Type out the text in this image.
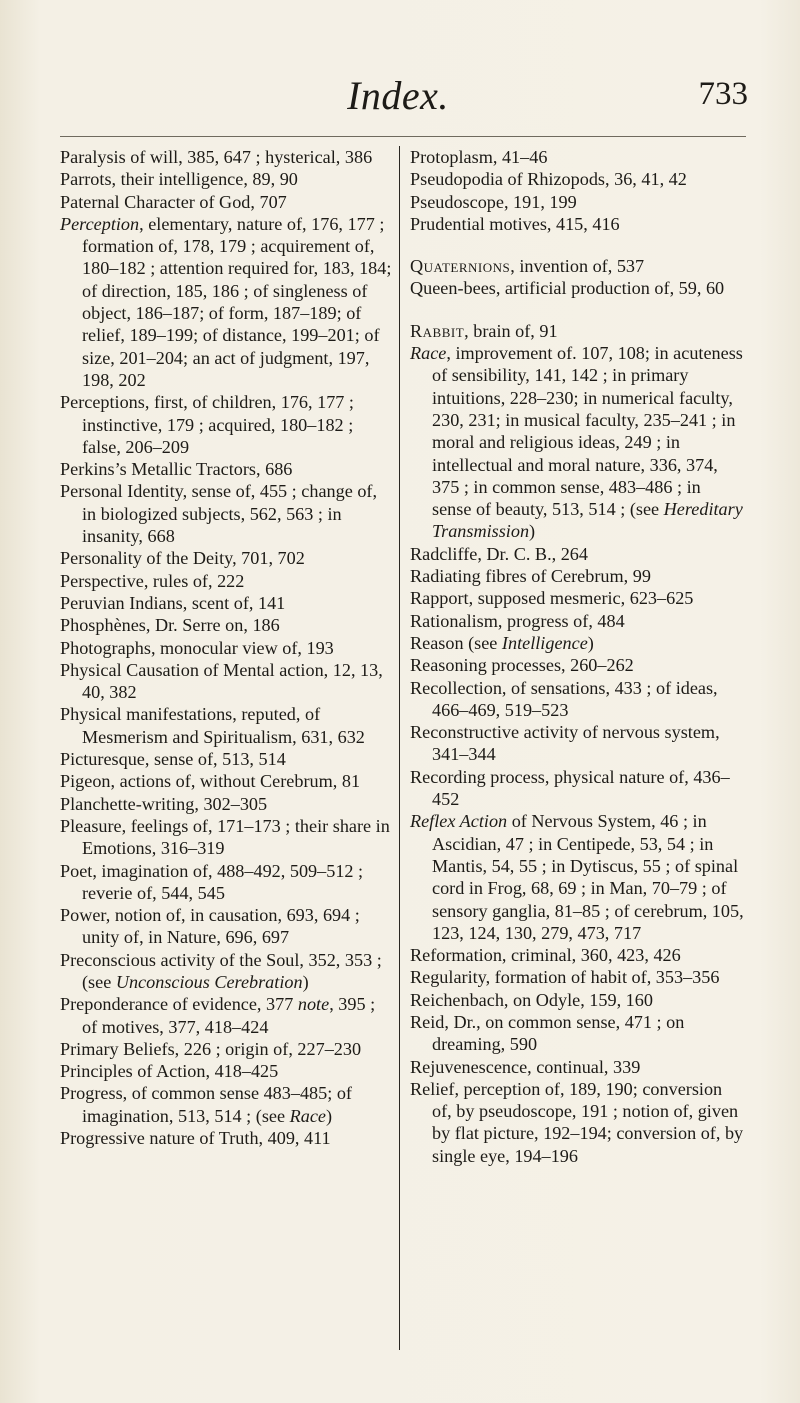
Index.	733

Paralysis of will, 385, 647 ; hysterical, 386

Parrots, their intelligence, 89, 90

Paternal Character of God, 707

Perception, elementary, nature of, 176, 177 ; formation of, 178, 179 ; acquirement of, 180–182 ; attention required for, 183, 184; of direction, 185, 186 ; of singleness of object, 186–187; of form, 187–189; of relief, 189–199; of distance, 199–201; of size, 201–204; an act of judgment, 197, 198, 202

Perceptions, first, of children, 176, 177 ; instinctive, 179 ; acquired, 180–182 ; false, 206–209

Perkins’s Metallic Tractors, 686

Personal Identity, sense of, 455 ; change of, in biologized subjects, 562, 563 ; in insanity, 668

Personality of the Deity, 701, 702

Perspective, rules of, 222

Peruvian Indians, scent of, 141

Phosphènes, Dr. Serre on, 186

Photographs, monocular view of, 193

Physical Causation of Mental action, 12, 13, 40, 382

Physical manifestations, reputed, of Mesmerism and Spiritualism, 631, 632

Picturesque, sense of, 513, 514

Pigeon, actions of, without Cerebrum, 81

Planchette-writing, 302–305

Pleasure, feelings of, 171–173 ; their share in Emotions, 316–319

Poet, imagination of, 488–492, 509–512 ; reverie of, 544, 545

Power, notion of, in causation, 693, 694 ; unity of, in Nature, 696, 697

Preconscious activity of the Soul, 352, 353 ; (see Unconscious Cerebration)

Preponderance of evidence, 377 note, 395 ; of motives, 377, 418–424

Primary Beliefs, 226 ; origin of, 227–230

Principles of Action, 418–425

Progress, of common sense 483–485; of imagination, 513, 514 ; (see Race)

Progressive nature of Truth, 409, 411

Protoplasm, 41–46

Pseudopodia of Rhizopods, 36, 41, 42

Pseudoscope, 191, 199

Prudential motives, 415, 416

Quaternions, invention of, 537

Queen-bees, artificial production of, 59, 60

Rabbit, brain of, 91

Race, improvement of. 107, 108; in acuteness of sensibility, 141, 142 ; in primary intuitions, 228–230; in numerical faculty, 230, 231; in musical faculty, 235–241 ; in moral and religious ideas, 249 ; in intellectual and moral nature, 336, 374, 375 ; in common sense, 483–486 ; in sense of beauty, 513, 514 ; (see Hereditary Transmission)

Radcliffe, Dr. C. B., 264

Radiating fibres of Cerebrum, 99

Rapport, supposed mesmeric, 623–625

Rationalism, progress of, 484

Reason (see Intelligence)

Reasoning processes, 260–262

Recollection, of sensations, 433 ; of ideas, 466–469, 519–523

Reconstructive activity of nervous system, 341–344

Recording process, physical nature of, 436–452

Reflex Action of Nervous System, 46 ; in Ascidian, 47 ; in Centipede, 53, 54 ; in Mantis, 54, 55 ; in Dytiscus, 55 ; of spinal cord in Frog, 68, 69 ; in Man, 70–79 ; of sensory ganglia, 81–85 ; of cerebrum, 105, 123, 124, 130, 279, 473, 717

Reformation, criminal, 360, 423, 426

Regularity, formation of habit of, 353–356

Reichenbach, on Odyle, 159, 160

Reid, Dr., on common sense, 471 ; on dreaming, 590

Rejuvenescence, continual, 339

Relief, perception of, 189, 190; conversion of, by pseudoscope, 191 ; notion of, given by flat picture, 192–194; conversion of, by single eye, 194–196
